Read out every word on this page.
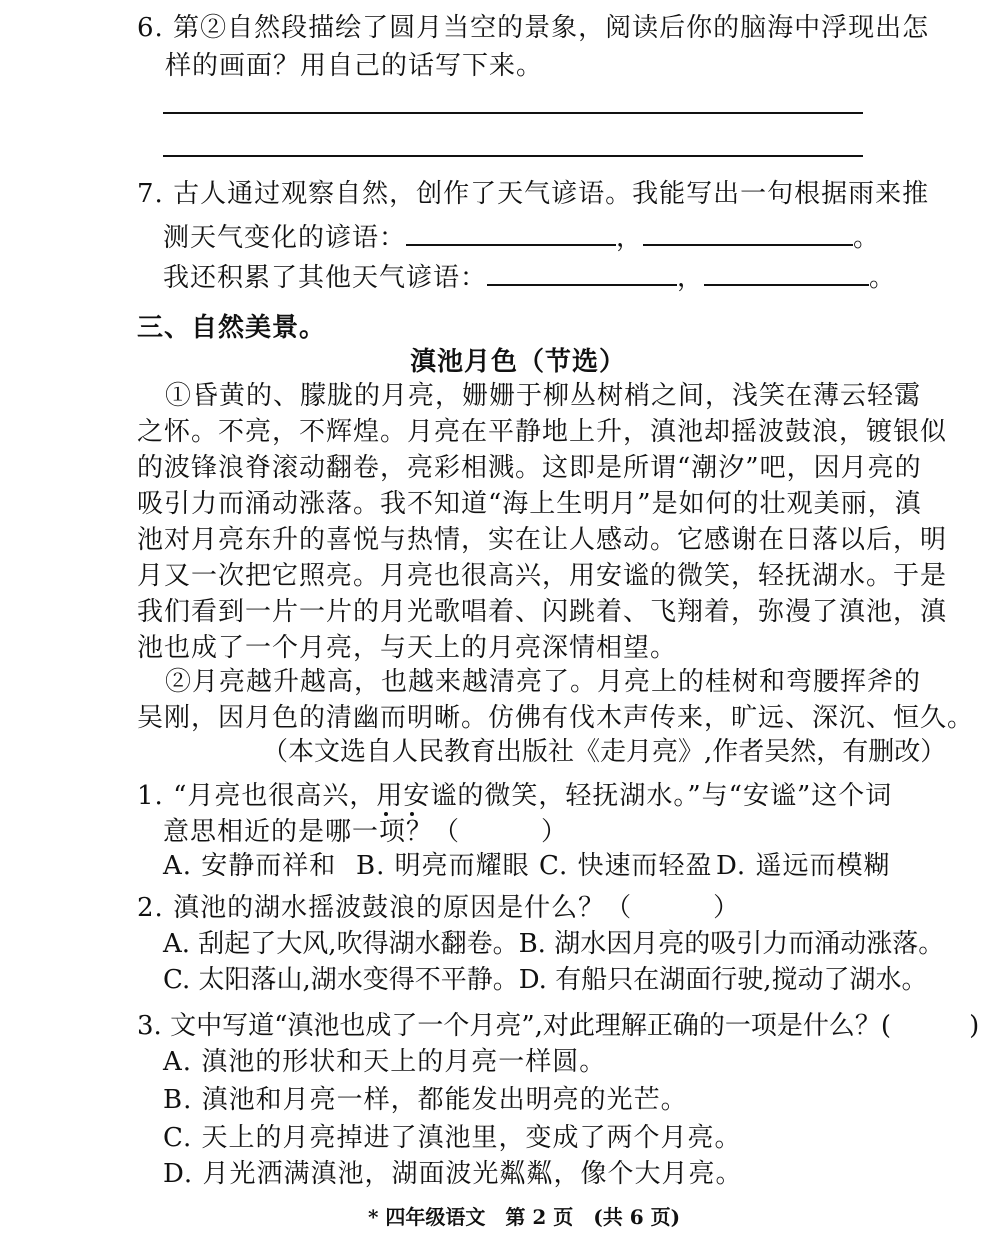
6. 第②自然段描绘了圆月当空的景象，阅读后你的脑海中浮现出怎
样的画面？用自己的话写下来。
7. 古人通过观察自然，创作了天气谚语。我能写出一句根据雨来推
测天气变化的谚语：	，	。
我还积累了其他天气谚语：	，	。
三、自然美景。
滇池月色（节选）
①昏黄的、朦胧的月亮，姗姗于柳丛树梢之间，浅笑在薄云轻霭
之怀。不亮，不辉煌。月亮在平静地上升，滇池却摇波鼓浪，镀银似
的波锋浪脊滚动翻卷，亮彩相溅。这即是所谓“潮汐”吧，因月亮的
吸引力而涌动涨落。我不知道“海上生明月”是如何的壮观美丽，滇
池对月亮东升的喜悦与热情，实在让人感动。它感谢在日落以后，明
月又一次把它照亮。月亮也很高兴，用安谧的微笑，轻抚湖水。于是
我们看到一片一片的月光歌唱着、闪跳着、飞翔着，弥漫了滇池，滇
池也成了一个月亮，与天上的月亮深情相望。
②月亮越升越高，也越来越清亮了。月亮上的桂树和弯腰挥斧的
吴刚，因月色的清幽而明晰。仿佛有伐木声传来，旷远、深沉、恒久。
（本文选自人民教育出版社《走月亮》,作者吴然，有删改）
1. “月亮也很高兴，用安谧的微笑，轻抚湖水。”与“安谧”这个词
意思相近的是哪一项？（　　　）
A. 安静而祥和 B. 明亮而耀眼 C. 快速而轻盈 D. 遥远而模糊
2. 滇池的湖水摇波鼓浪的原因是什么？（　　　）
A. 刮起了大风,吹得湖水翻卷。B. 湖水因月亮的吸引力而涌动涨落。
C. 太阳落山,湖水变得不平静。D. 有船只在湖面行驶,搅动了湖水。
3. 文中写道“滇池也成了一个月亮”,对此理解正确的一项是什么？(　　　)
A. 滇池的形状和天上的月亮一样圆。
B. 滇池和月亮一样，都能发出明亮的光芒。
C. 天上的月亮掉进了滇池里，变成了两个月亮。
D. 月光洒满滇池，湖面波光粼粼，像个大月亮。
* 四年级语文　第 2 页　(共 6 页)
